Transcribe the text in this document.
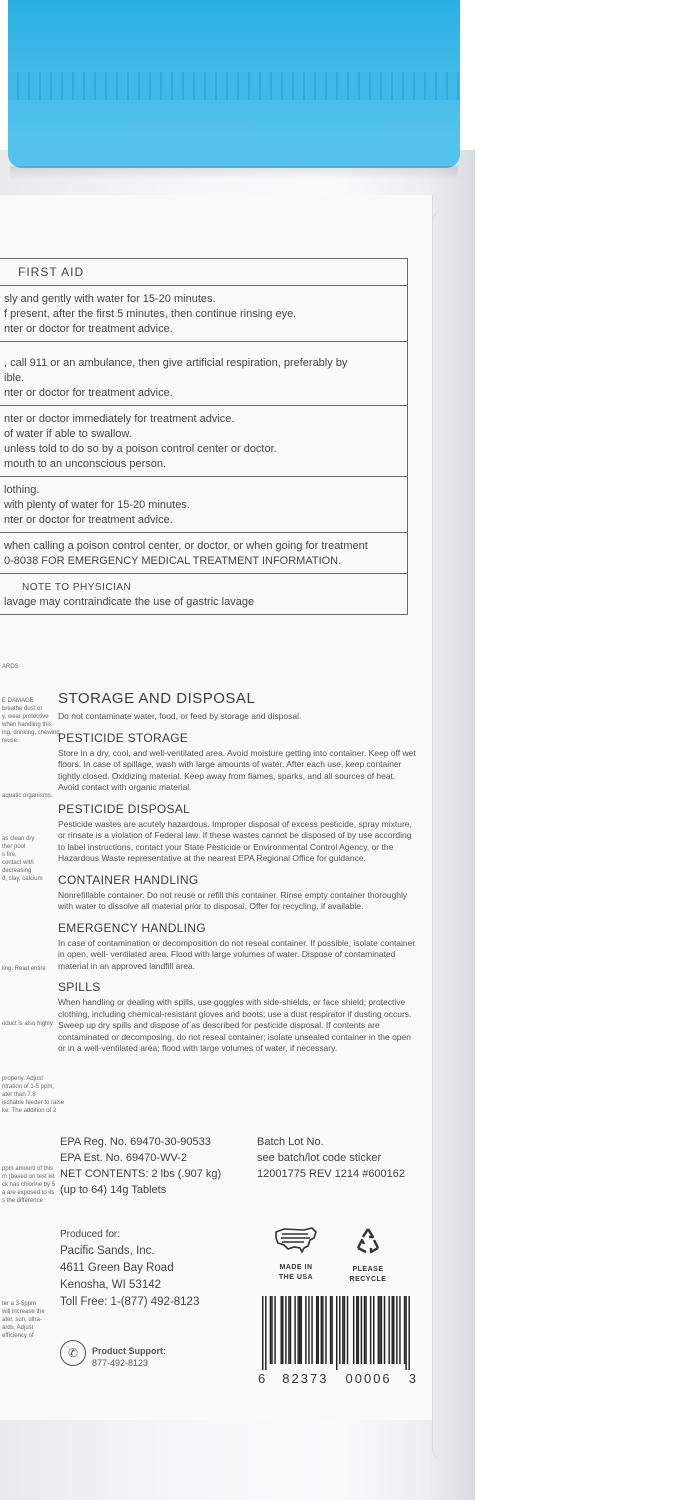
FIRST AID
sly and gently with water for 15-20 minutes.
f present, after the first 5 minutes, then continue rinsing eye.
nter or doctor for treatment advice.
, call 911 or an ambulance, then give artificial respiration, preferably by
ible.
nter or doctor for treatment advice.
nter or doctor immediately for treatment advice.
of water if able to swallow.
unless told to do so by a poison control center or doctor.
mouth to an unconscious person.
lothing.
with plenty of water for 15-20 minutes.
nter or doctor for treatment advice.
when calling a poison control center, or doctor, or when going for treatment
0-8038 FOR EMERGENCY MEDICAL TREATMENT INFORMATION.
NOTE TO PHYSICIAN
lavage may contraindicate the use of gastric lavage
ARDS
E DAMAGE
breathe dust or
y, wear protective
when handling this
ing, drinking, chewing
reuse.
aquatic organisms.
as clean dry
ther pool
s fire,
contact with
decreasing
d, clay, calcium
ling. Read entire
oduct is also highly
properly. Adjust
ntration of 1-5 ppm;
ater than 7.8
ischable feeder to raise
ke. The addition of 2
ppm amount of this
m (based on test kit
ck has chlorine by 5
a are exposed to its
s the difference
ter a 3-5ppm
will increase the
ater, sun, ultra-
ards. Adjust
efficiency of
STORAGE AND DISPOSAL

Do not contaminate water, food, or feed by storage and disposal.

PESTICIDE STORAGE

Store in a dry, cool, and well-ventilated area. Avoid moisture getting into container. Keep off wet floors. In case of spillage, wash with large amounts of water. After each use, keep container tightly closed. Oxidizing material. Keep away from flames, sparks, and all sources of heat. Avoid contact with organic material.

PESTICIDE DISPOSAL

Pesticide wastes are acutely hazardous. Improper disposal of excess pesticide, spray mixture, or rinsate is a violation of Federal law. If these wastes cannot be disposed of by use according to label instructions, contact your State Pesticide or Environmental Control Agency, or the Hazardous Waste representative at the nearest EPA Regional Office for guidance.

CONTAINER HANDLING

Nonrefillable container. Do not reuse or refill this container. Rinse empty container thoroughly with water to dissolve all material prior to disposal. Offer for recycling, if available.

EMERGENCY HANDLING

In case of contamination or decomposition do not reseal container. If possible, isolate container in open, well- ventilated area. Flood with large volumes of water. Dispose of contaminated material in an approved landfill area.

SPILLS

When handling or dealing with spills, use goggles with side-shields, or face shield; protective clothing, including chemical-resistant gloves and boots; use a dust respirator if dusting occurs. Sweep up dry spills and dispose of as described for pesticide disposal. If contents are contaminated or decomposing, do not reseal container; isolate unsealed container in the open or in a well-ventilated area; flood with large volumes of water, if necessary.

EPA Reg. No. 69470-30-90533
EPA Est. No. 69470-WV-2
NET CONTENTS: 2 lbs (.907 kg)
(up to 64) 14g Tablets
Batch Lot No.
see batch/lot code sticker
12001775 REV 1214 #600162
Produced for:
Pacific Sands, Inc.
4611 Green Bay Road
Kenosha, WI 53142
Toll Free: 1-(877) 492-8123
✆	Product Support:
877-492-8123
MADE IN
THE USA
PLEASE
RECYCLE
6 82373 00006 3
